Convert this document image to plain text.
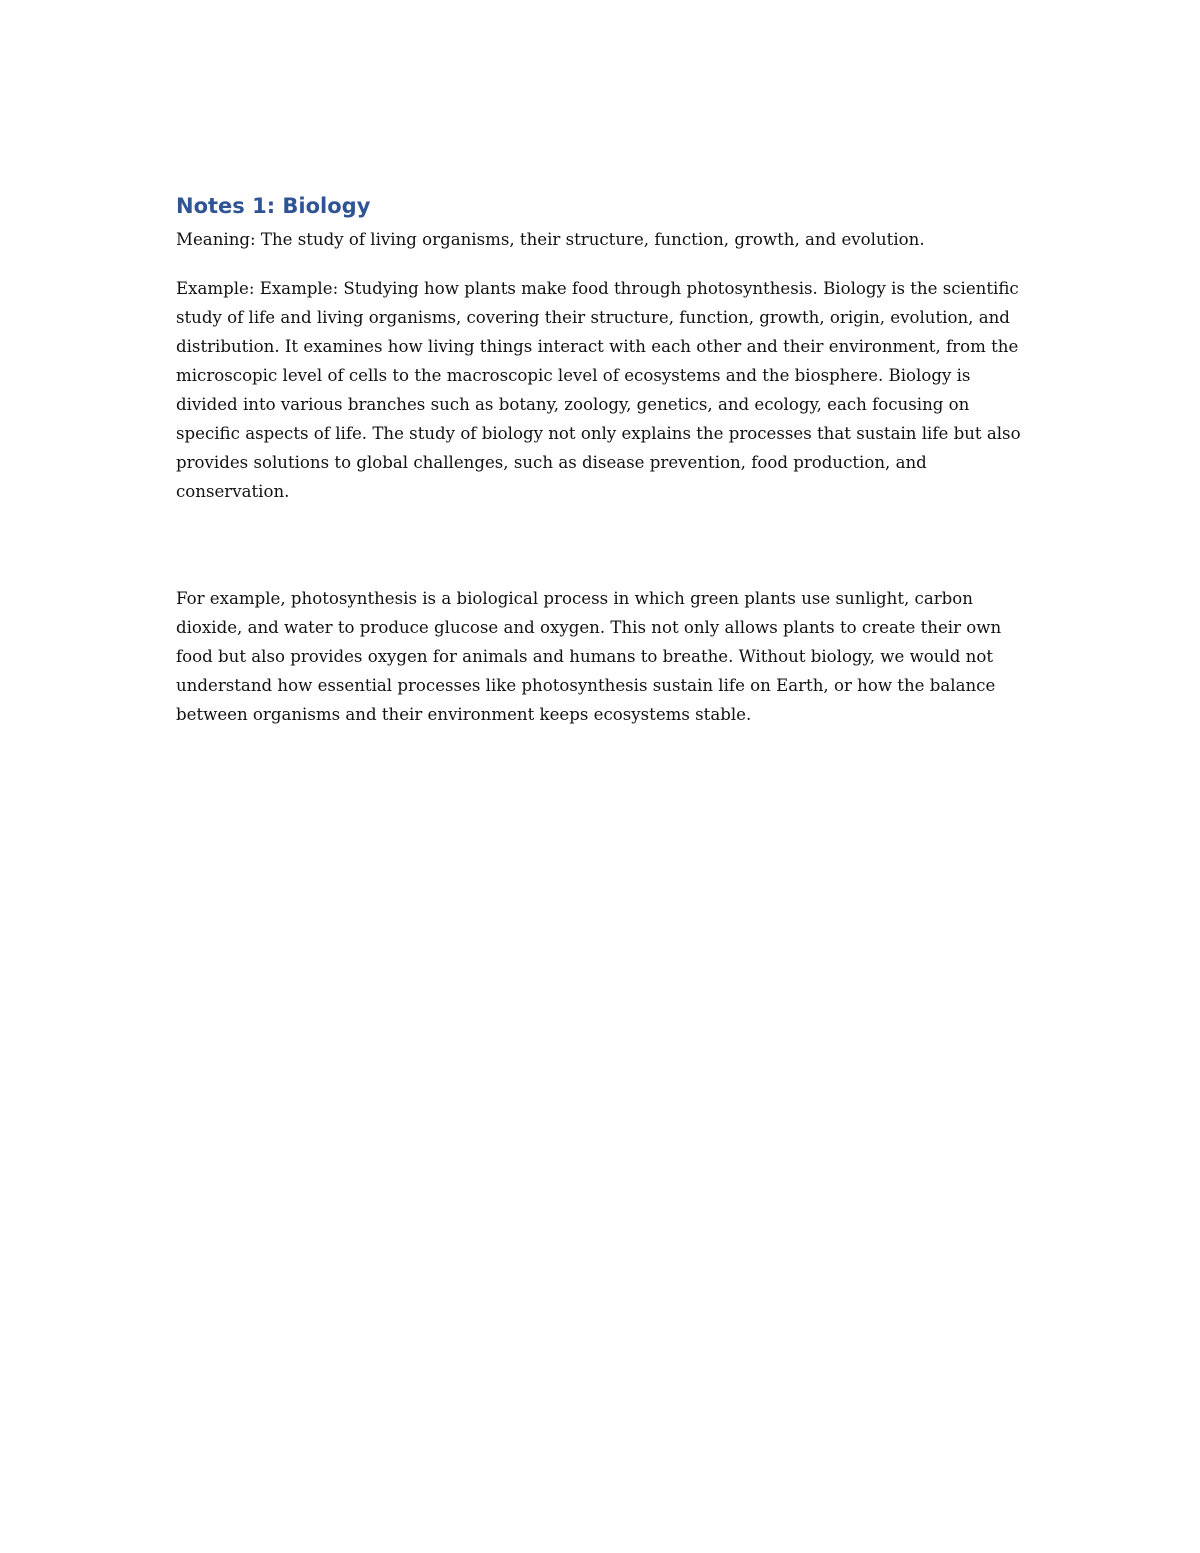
Notes 1: Biology

Meaning: The study of living organisms, their structure, function, growth, and evolution.

Example: Example: Studying how plants make food through photosynthesis. Biology is the scientific study of life and living organisms, covering their structure, function, growth, origin, evolution, and distribution. It examines how living things interact with each other and their environment, from the microscopic level of cells to the macroscopic level of ecosystems and the biosphere. Biology is divided into various branches such as botany, zoology, genetics, and ecology, each focusing on specific aspects of life. The study of biology not only explains the processes that sustain life but also provides solutions to global challenges, such as disease prevention, food production, and conservation.

For example, photosynthesis is a biological process in which green plants use sunlight, carbon dioxide, and water to produce glucose and oxygen. This not only allows plants to create their own food but also provides oxygen for animals and humans to breathe. Without biology, we would not understand how essential processes like photosynthesis sustain life on Earth, or how the balance between organisms and their environment keeps ecosystems stable.
